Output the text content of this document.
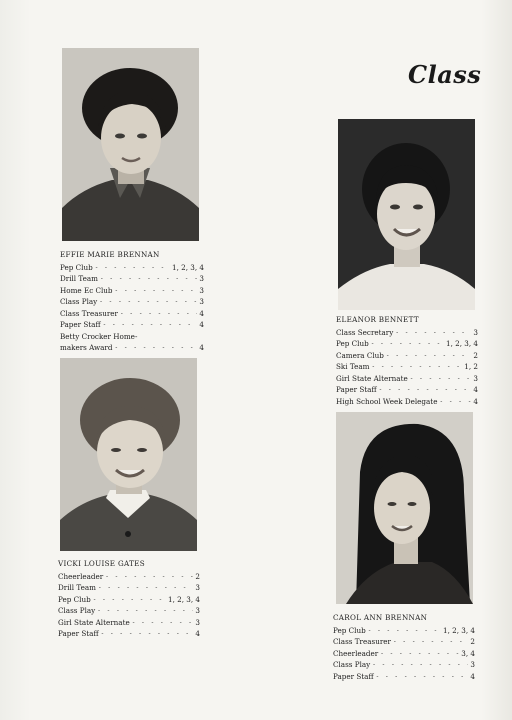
Class
EFFIE MARIE BRENNAN
Pep Club - - -	1, 2, 3, 4
Drill Team - - -	3
Home Ec Club - - -	3
Class Play - - -	3
Class Treasurer - - -	4
Paper Staff - - -	4
Betty Crocker Home-
makers Award - - -	4
ELEANOR BENNETT
Class Secretary - - -	3
Pep Club - - -	1, 2, 3, 4
Camera Club - - -	2
Ski Team - - -	1, 2
Girl State Alternate - - -	3
Paper Staff - - -	4
High School Week Delegate - - -	4
VICKI LOUISE GATES
Cheerleader - - -	2
Drill Team - - -	3
Pep Club - - -	1, 2, 3, 4
Class Play - - -	3
Girl State Alternate - - -	3
Paper Staff - - -	4
CAROL ANN BRENNAN
Pep Club - - -	1, 2, 3, 4
Class Treasurer - - -	2
Cheerleader - - -	3, 4
Class Play - - -	3
Paper Staff - - -	4
